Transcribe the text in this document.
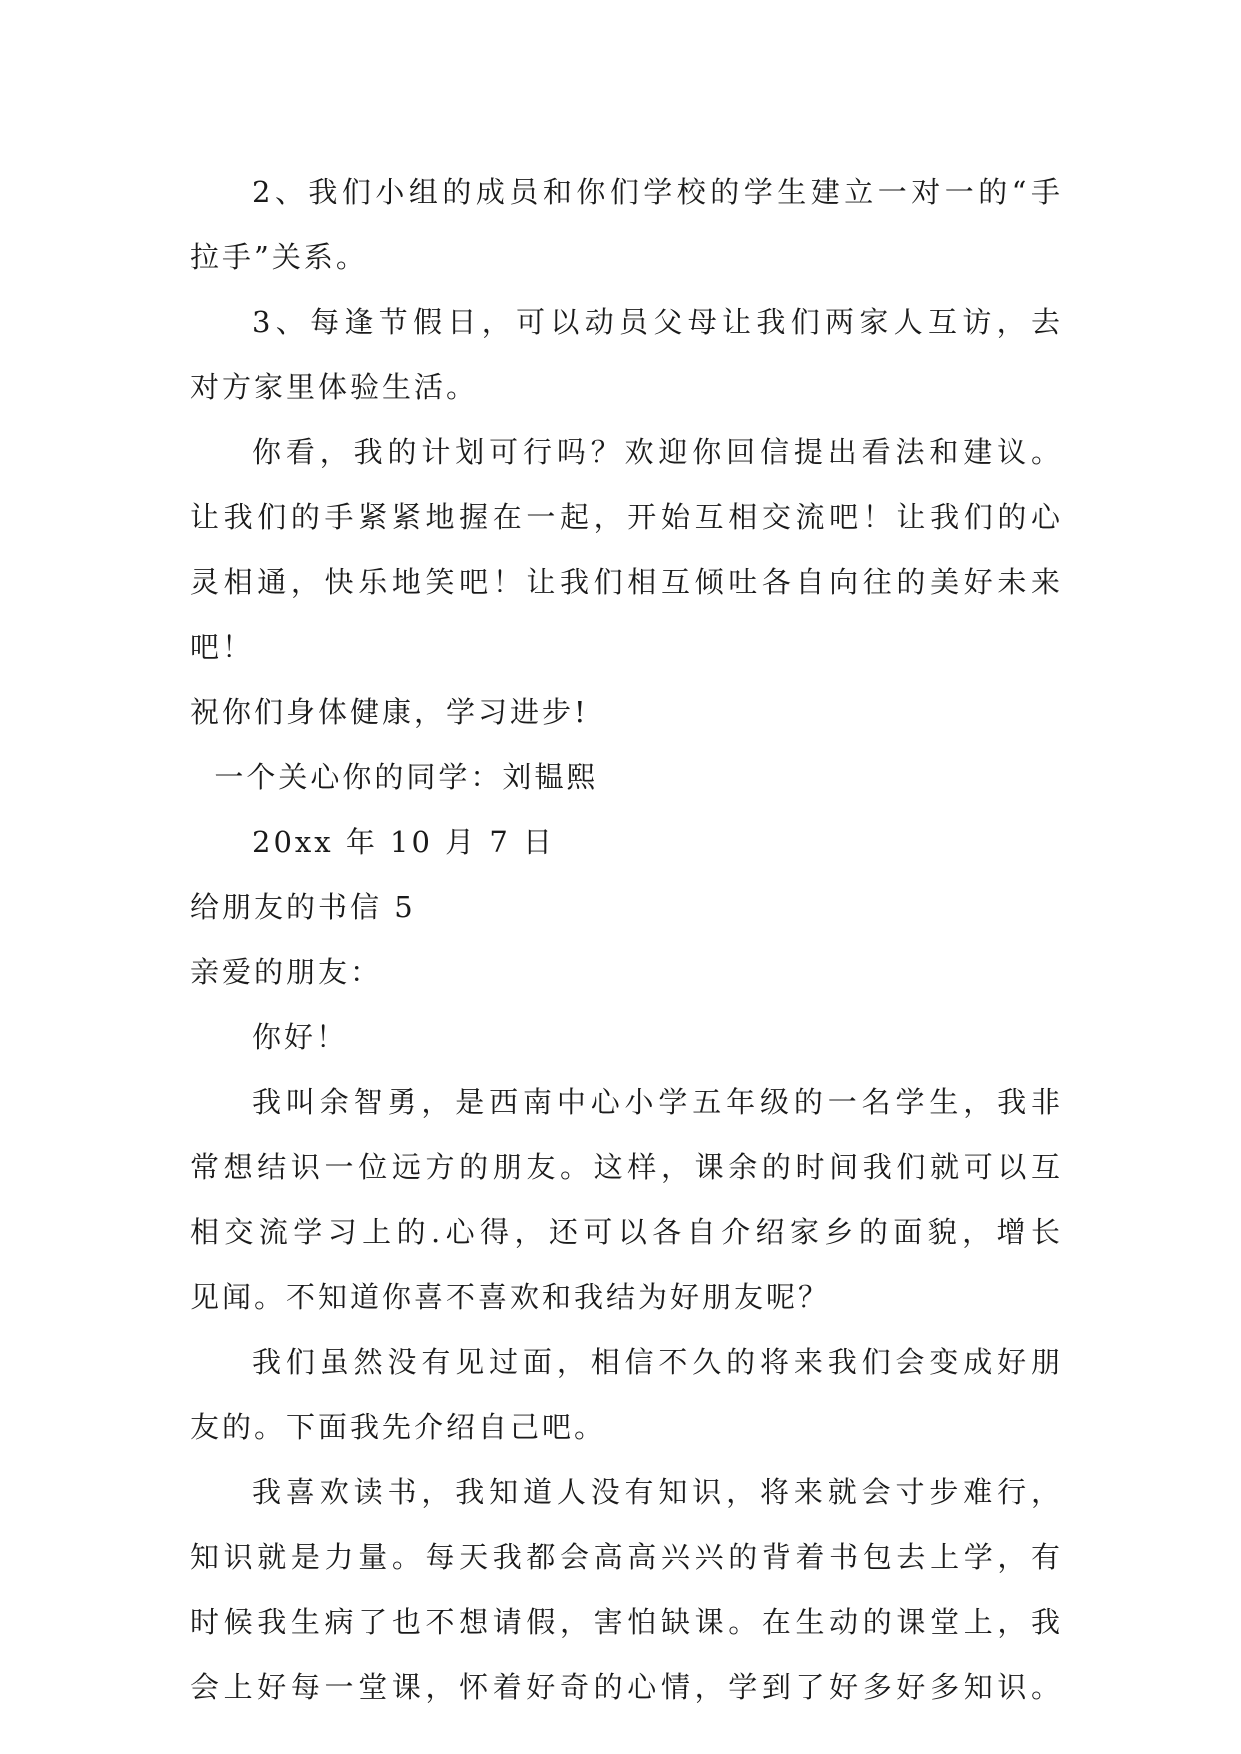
2、我们小组的成员和你们学校的学生建立一对一的“手
拉手”关系。
3、每逢节假日，可以动员父母让我们两家人互访，去
对方家里体验生活。
你看，我的计划可行吗？欢迎你回信提出看法和建议。
让我们的手紧紧地握在一起，开始互相交流吧！让我们的心
灵相通，快乐地笑吧！让我们相互倾吐各自向往的美好未来
吧！
祝你们身体健康，学习进步!
一个关心你的同学：刘韫熙
20xx 年 10 月 7 日
给朋友的书信 5
亲爱的朋友：
你好！
我叫余智勇，是西南中心小学五年级的一名学生，我非
常想结识一位远方的朋友。这样，课余的时间我们就可以互
相交流学习上的.心得，还可以各自介绍家乡的面貌，增长
见闻。不知道你喜不喜欢和我结为好朋友呢？
我们虽然没有见过面，相信不久的将来我们会变成好朋
友的。下面我先介绍自己吧。
我喜欢读书，我知道人没有知识，将来就会寸步难行，
知识就是力量。每天我都会高高兴兴的背着书包去上学，有
时候我生病了也不想请假，害怕缺课。在生动的课堂上，我
会上好每一堂课，怀着好奇的心情，学到了好多好多知识。
